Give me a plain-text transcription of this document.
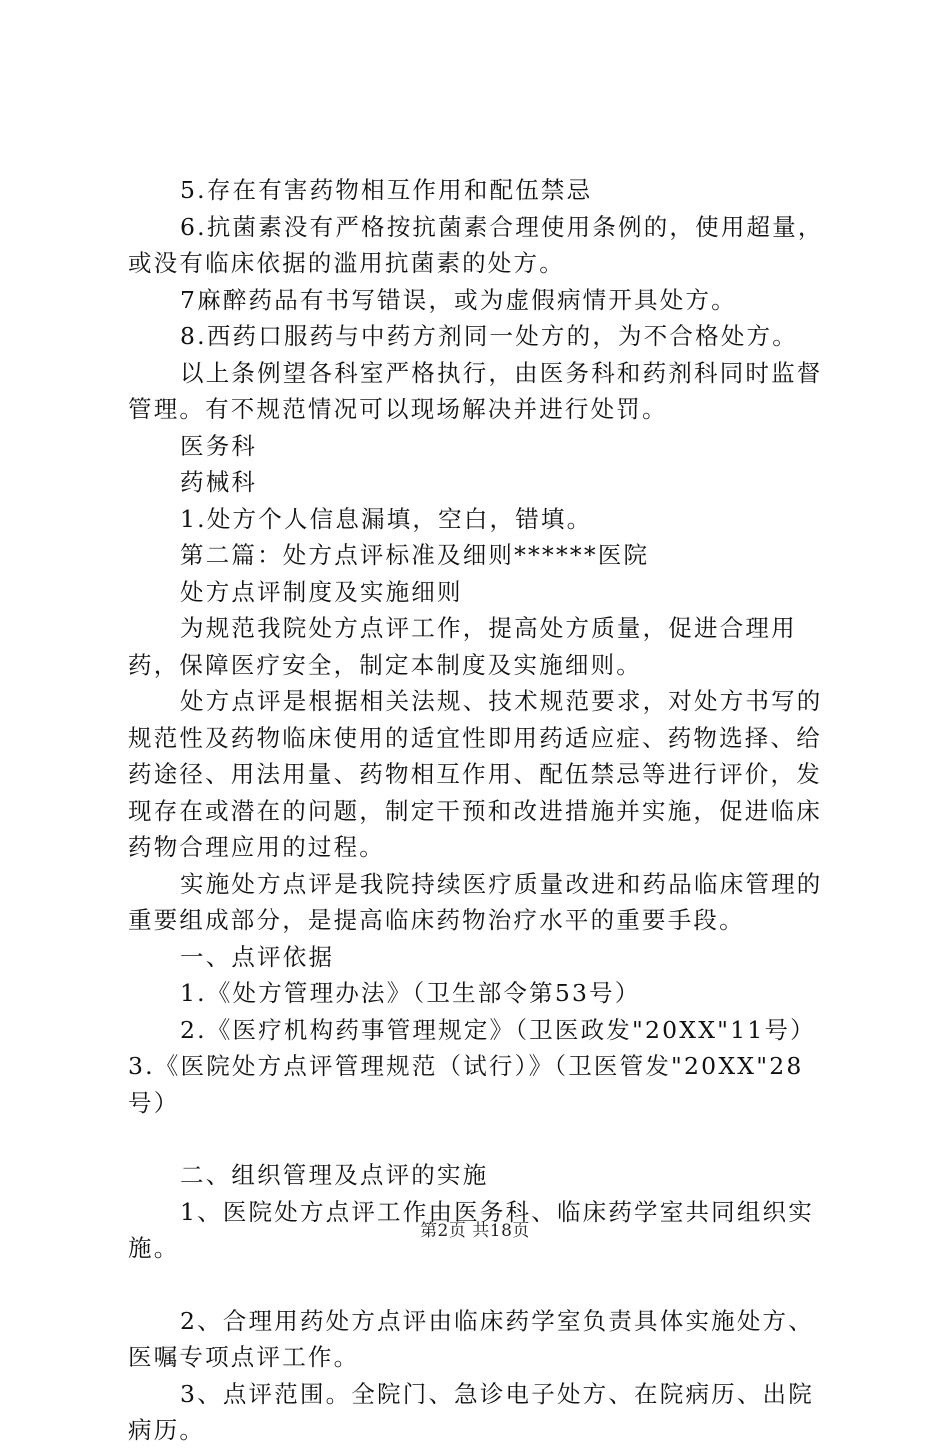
5.存在有害药物相互作用和配伍禁忌

6.抗菌素没有严格按抗菌素合理使用条例的，使用超量，或没有临床依据的滥用抗菌素的处方。

7麻醉药品有书写错误，或为虚假病情开具处方。

8.西药口服药与中药方剂同一处方的，为不合格处方。

以上条例望各科室严格执行，由医务科和药剂科同时监督管理。有不规范情况可以现场解决并进行处罚。

医务科

药械科

1.处方个人信息漏填，空白，错填。

第二篇：处方点评标准及细则******医院

处方点评制度及实施细则

为规范我院处方点评工作，提高处方质量，促进合理用药，保障医疗安全，制定本制度及实施细则。

处方点评是根据相关法规、技术规范要求，对处方书写的规范性及药物临床使用的适宜性即用药适应症、药物选择、给药途径、用法用量、药物相互作用、配伍禁忌等进行评价，发现存在或潜在的问题，制定干预和改进措施并实施，促进临床药物合理应用的过程。

实施处方点评是我院持续医疗质量改进和药品临床管理的重要组成部分，是提高临床药物治疗水平的重要手段。

一、点评依据

1.《处方管理办法》（卫生部令第53号）

2.《医疗机构药事管理规定》（卫医政发"20XX"11号）3.《医院处方点评管理规范（试行）》（卫医管发"20XX"28号）

二、组织管理及点评的实施

1、医院处方点评工作由医务科、临床药学室共同组织实施。

2、合理用药处方点评由临床药学室负责具体实施处方、医嘱专项点评工作。

3、点评范围。全院门、急诊电子处方、在院病历、出院病历。

第2页 共18页
